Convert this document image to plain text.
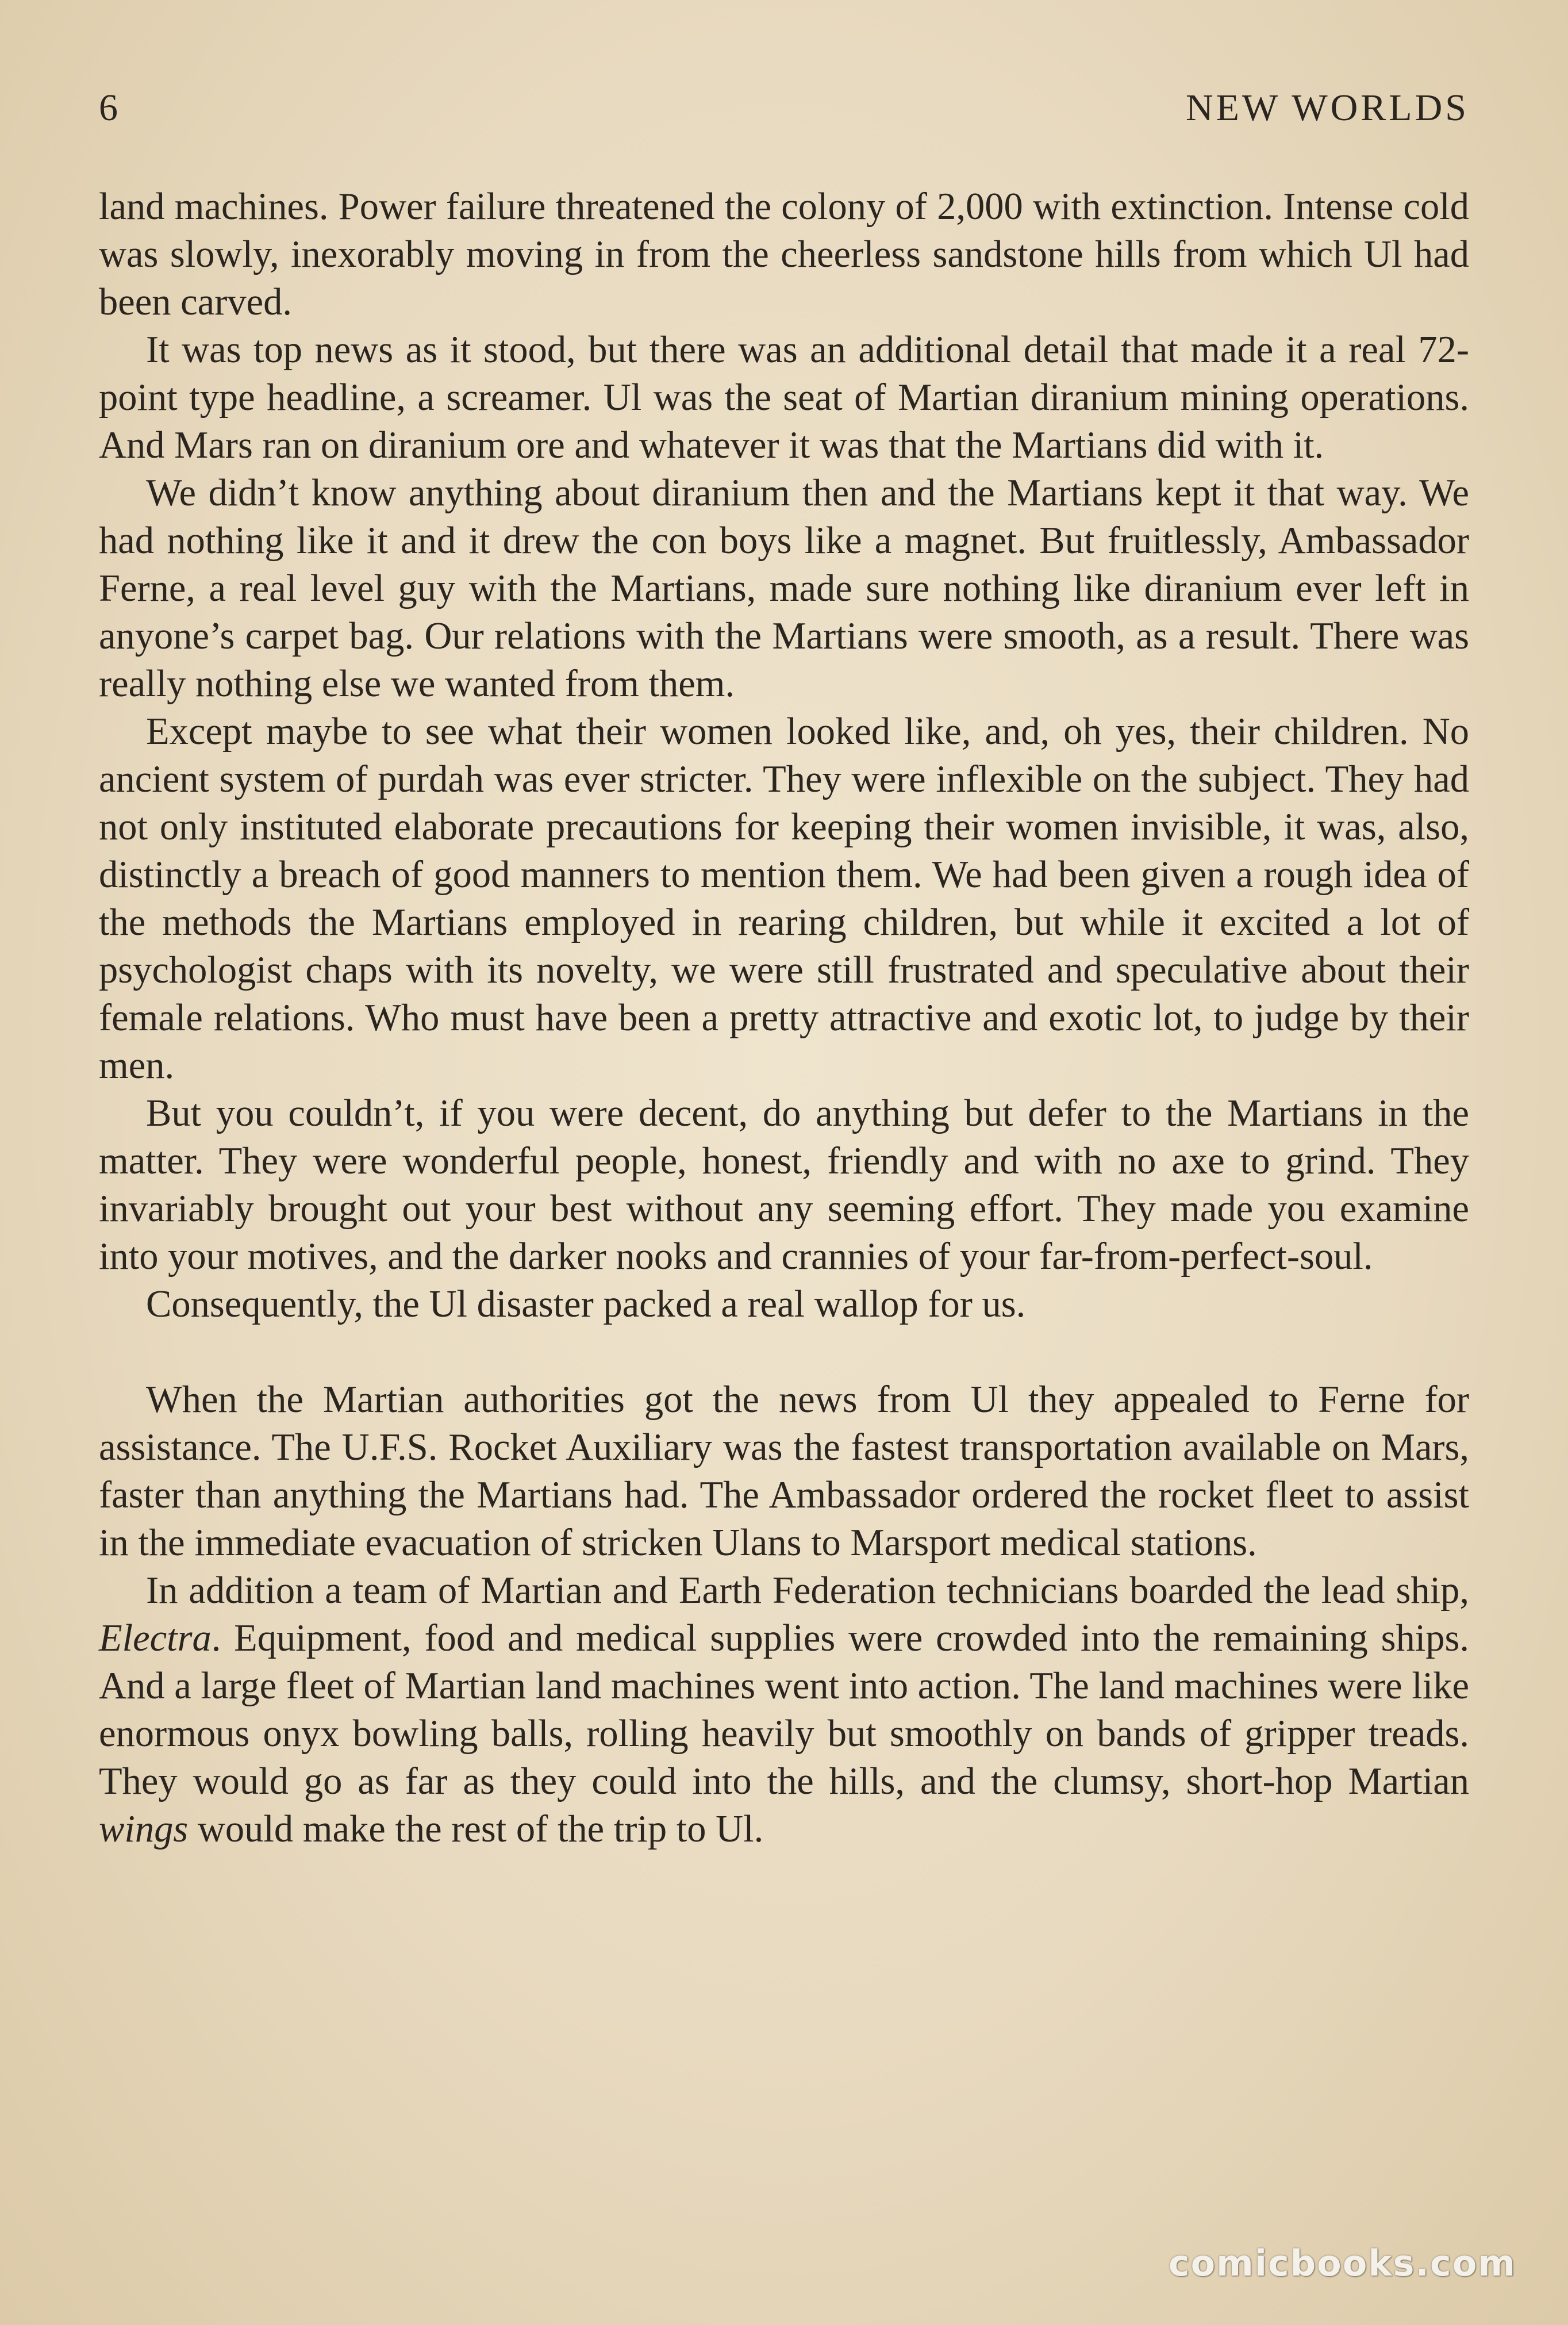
6	NEW WORLDS

land machines. Power failure threatened the colony of 2,000 with extinction. Intense cold was slowly, inexorably moving in from the cheerless sandstone hills from which Ul had been carved.

It was top news as it stood, but there was an additional detail that made it a real 72-point type headline, a screamer. Ul was the seat of Martian diranium mining operations. And Mars ran on diranium ore and whatever it was that the Martians did with it.

We didn’t know anything about diranium then and the Martians kept it that way. We had nothing like it and it drew the con boys like a magnet. But fruitlessly, Ambassador Ferne, a real level guy with the Martians, made sure nothing like diranium ever left in anyone’s carpet bag. Our relations with the Martians were smooth, as a result. There was really nothing else we wanted from them.

Except maybe to see what their women looked like, and, oh yes, their children. No ancient system of purdah was ever stricter. They were inflexible on the subject. They had not only instituted elaborate precautions for keeping their women invisible, it was, also, distinctly a breach of good manners to mention them. We had been given a rough idea of the methods the Martians employed in rearing children, but while it excited a lot of psychologist chaps with its novelty, we were still frustrated and speculative about their female relations. Who must have been a pretty attractive and exotic lot, to judge by their men.

But you couldn’t, if you were decent, do anything but defer to the Martians in the matter. They were wonderful people, honest, friendly and with no axe to grind. They invariably brought out your best without any seeming effort. They made you examine into your motives, and the darker nooks and crannies of your far-from-perfect-soul.

Consequently, the Ul disaster packed a real wallop for us.

When the Martian authorities got the news from Ul they appealed to Ferne for assistance. The U.F.S. Rocket Auxiliary was the fastest transportation available on Mars, faster than anything the Martians had. The Ambassador ordered the rocket fleet to assist in the immediate evacuation of stricken Ulans to Marsport medical stations.

In addition a team of Martian and Earth Federation technicians boarded the lead ship, Electra. Equipment, food and medical supplies were crowded into the remaining ships. And a large fleet of Martian land machines went into action. The land machines were like enormous onyx bowling balls, rolling heavily but smoothly on bands of gripper treads. They would go as far as they could into the hills, and the clumsy, short-hop Martian wings would make the rest of the trip to Ul.

comicbooks.com
